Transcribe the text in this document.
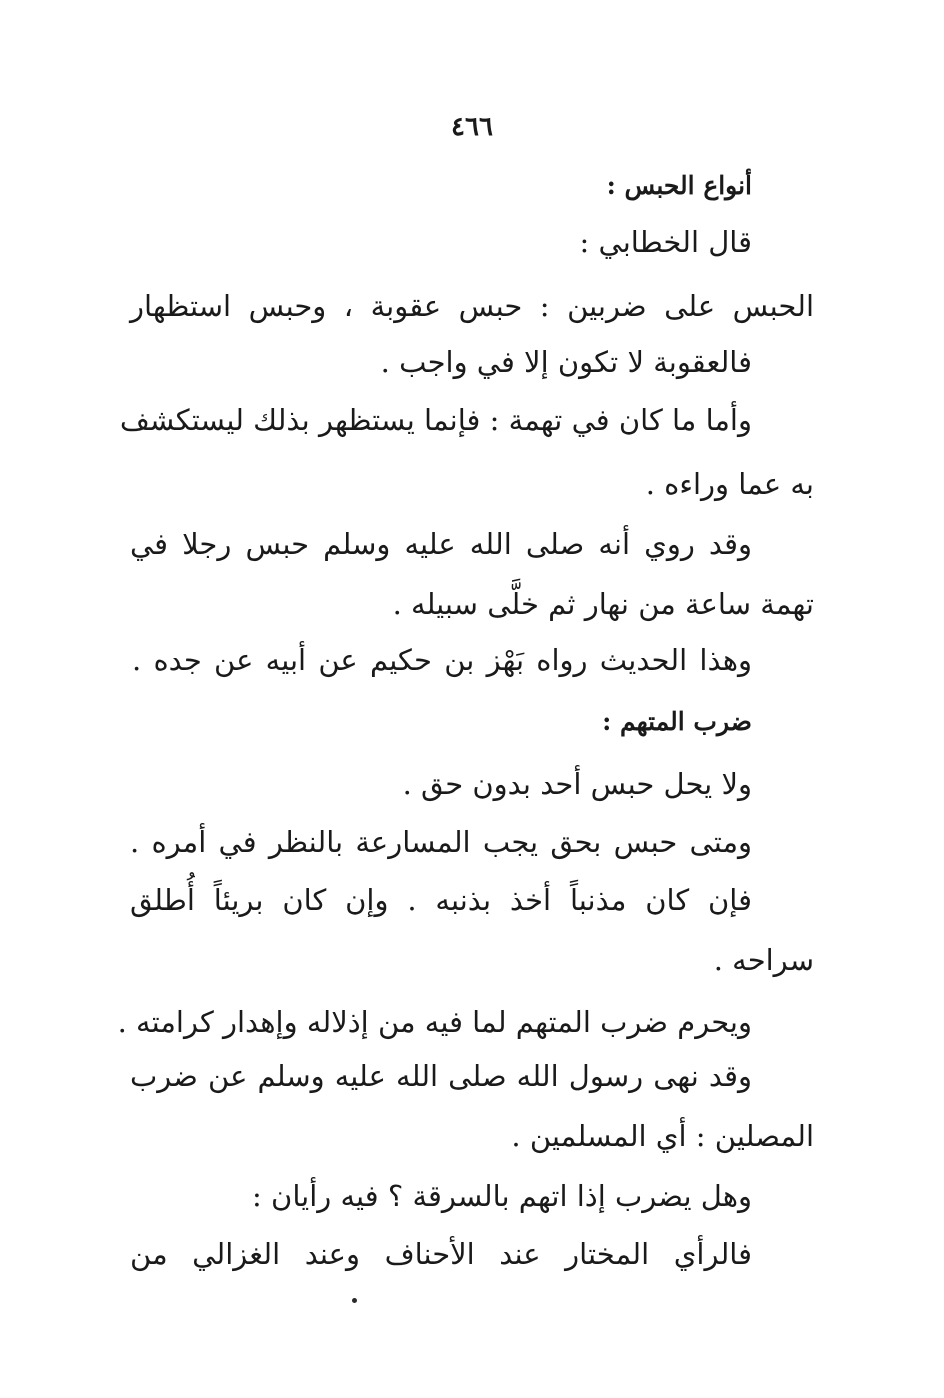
٤٦٦
أنواع الحبس :
قال الخطابي :
الحبس على ضربين : حبس عقوبة ، وحبس استظهار
فالعقوبة لا تكون إلا في واجب .
وأما ما كان في تهمة : فإنما يستظهر بذلك ليستكشف
به عما وراءه .
وقد روي أنه صلى الله عليه وسلم حبس رجلا في
تهمة ساعة من نهار ثم خلَّى سبيله .
وهذا الحديث رواه بَهْز بن حكيم عن أبيه عن جده .
ضرب المتهم :
ولا يحل حبس أحد بدون حق .
ومتى حبس بحق يجب المسارعة بالنظر في أمره .
فإن كان مذنباً أخذ بذنبه . وإن كان بريئاً أُطلق
سراحه .
ويحرم ضرب المتهم لما فيه من إذلاله وإهدار كرامته .
وقد نهى رسول الله صلى الله عليه وسلم عن ضرب
المصلين : أي المسلمين .
وهل يضرب إذا اتهم بالسرقة ؟ فيه رأيان :
فالرأي المختار عند الأحناف وعند الغزالي من
